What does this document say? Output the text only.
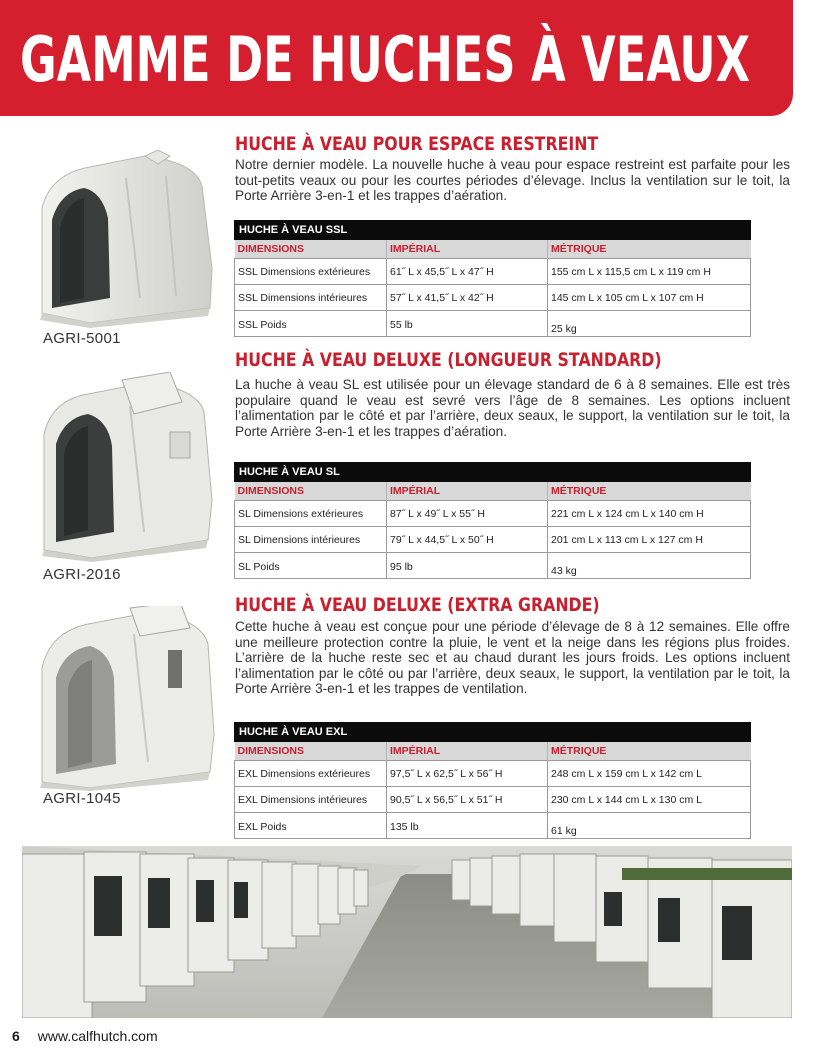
GAMME DE HUCHES À VEAUX
HUCHE À VEAU POUR ESPACE RESTREINT

Notre dernier modèle. La nouvelle huche à veau pour espace restreint est parfaite pour les tout-petits veaux ou pour les courtes périodes d’élevage. Inclus la ventilation sur le toit, la Porte Arrière 3-en-1 et les trappes d’aération.

AGRI-5001
HUCHE À VEAU SSL		
DIMENSIONS	IMPÉRIAL	MÉTRIQUE
SSL Dimensions extérieures	61˝ L x 45,5˝ L x 47˝ H	155 cm L x 115,5 cm L x 119 cm H
SSL Dimensions intérieures	57˝ L x 41,5˝ L x 42˝ H	145 cm L x 105 cm L x 107 cm H
SSL Poids	55 lb	25 kg
HUCHE À VEAU DELUXE (LONGUEUR STANDARD)

La huche à veau SL est utilisée pour un élevage standard de 6 à 8 semaines. Elle est très populaire quand le veau est sevré vers l’âge de 8 semaines. Les options incluent l’alimentation par le côté et par l’arrière, deux seaux, le support, la ventilation sur le toit, la Porte Arrière 3-en-1 et les trappes d’aération.

AGRI-2016
HUCHE À VEAU SL		
DIMENSIONS	IMPÉRIAL	MÉTRIQUE
SL Dimensions extérieures	87˝ L x 49˝ L x 55˝ H	221 cm L x 124 cm L x 140 cm H
SL Dimensions intérieures	79˝ L x 44,5˝ L x 50˝ H	201 cm L x 113 cm L x 127 cm H
SL Poids	95 lb	43 kg
HUCHE À VEAU DELUXE (EXTRA GRANDE)

Cette huche à veau est conçue pour une période d’élevage de 8 à 12 semaines. Elle offre une meilleure protection contre la pluie, le vent et la neige dans les régions plus froides. L’arrière de la huche reste sec et au chaud durant les jours froids. Les options incluent l’alimentation par le côté ou par l’arrière, deux seaux, le support, la ventilation par le toit, la Porte Arrière 3-en-1 et les trappes de ventilation.

AGRI-1045
HUCHE À VEAU EXL		
DIMENSIONS	IMPÉRIAL	MÉTRIQUE
EXL Dimensions extérieures	97,5˝ L x 62,5˝ L x 56˝ H	248 cm L x 159 cm L x 142 cm L
EXL Dimensions intérieures	90,5˝ L x 56,5˝ L x 51˝ H	230 cm L x 144 cm L x 130 cm L
EXL Poids	135 lb	61 kg
6 www.calfhutch.com
